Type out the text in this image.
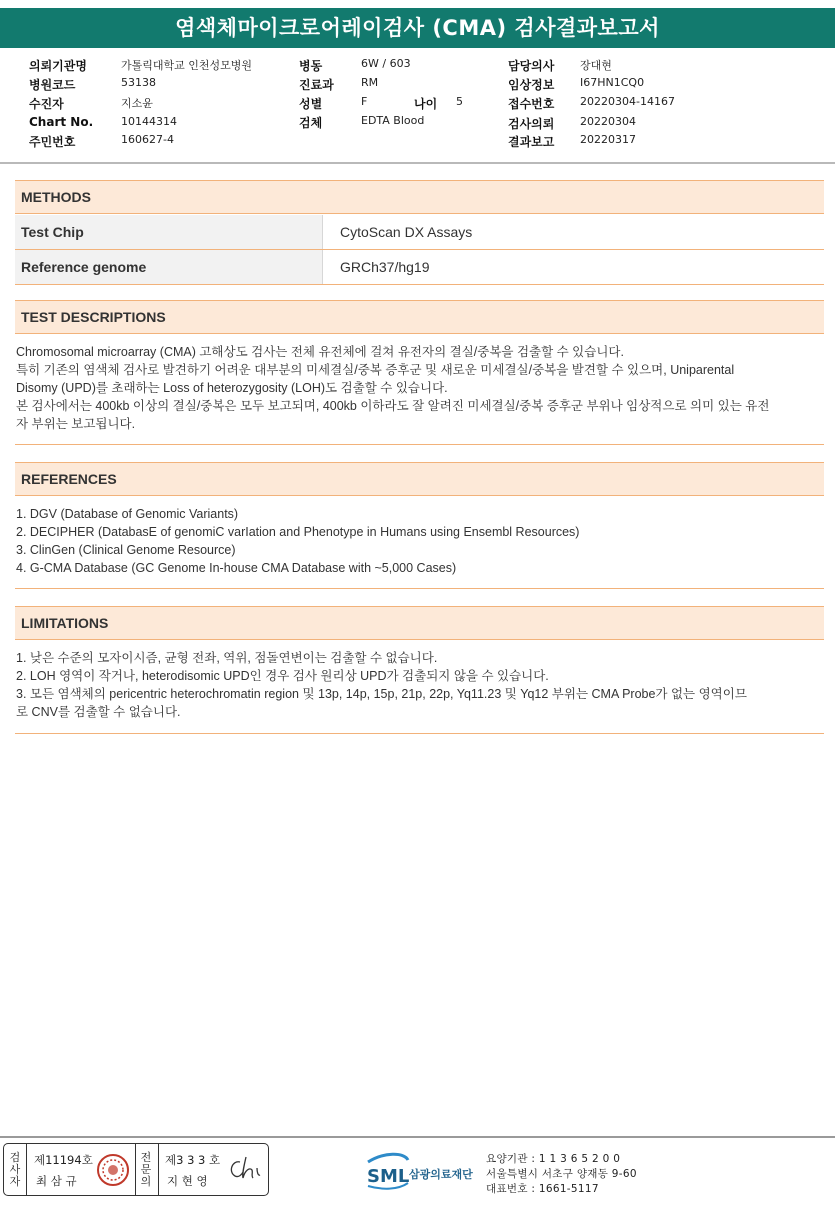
염색체마이크로어레이검사 (CMA) 검사결과보고서
의뢰기관명	가톨릭대학교 인천성모병원
병원코드	53138
수진자	지소윤
Chart No.	10144314
주민번호	160627-4
병동	6W / 603
진료과 RM
성별	F	나이 5
검체	EDTA Blood
담당의사 장대현
임상정보 I67HN1CQ0
접수번호 20220304-14167
검사의뢰 20220304
결과보고 20220317
METHODS
Test Chip	CytoScan DX Assays
Reference genome	GRCh37/hg19
TEST DESCRIPTIONS
Chromosomal microarray (CMA) 고해상도 검사는 전체 유전체에 걸쳐 유전자의 결실/중복을 검출할 수 있습니다.
특히 기존의 염색체 검사로 발견하기 어려운 대부분의 미세결실/중복 증후군 및 새로운 미세결실/중복을 발견할 수 있으며, Uniparental
Disomy (UPD)를 초래하는 Loss of heterozygosity (LOH)도 검출할 수 있습니다.
본 검사에서는 400kb 이상의 결실/중복은 모두 보고되며, 400kb 이하라도 잘 알려진 미세결실/중복 증후군 부위나 임상적으로 의미 있는 유전
자 부위는 보고됩니다.
REFERENCES
1. DGV (Database of Genomic Variants)
2. DECIPHER (DatabasE of genomiC varIation and Phenotype in Humans using Ensembl Resources)
3. ClinGen (Clinical Genome Resource)
4. G-CMA Database (GC Genome In-house CMA Database with ~5,000 Cases)
LIMITATIONS
1. 낮은 수준의 모자이시즘, 균형 전좌, 역위, 점돌연변이는 검출할 수 없습니다.
2. LOH 영역이 작거나, heterodisomic UPD인 경우 검사 원리상 UPD가 검출되지 않을 수 있습니다.
3. 모든 염색체의 pericentric heterochromatin region 및 13p, 14p, 15p, 21p, 22p, Yq11.23 및 Yq12 부위는 CMA Probe가 없는 영역이므
로 CNV를 검출할 수 없습니다.
검
사
자
제11194호
최 삼 규
전
문
의
제3 3 3 호
지 현 영	SML 삼광의료재단
요양기관 : 1 1 3 6 5 2 0 0
서울특별시 서초구 양재동 9-60
대표번호 : 1661-5117
